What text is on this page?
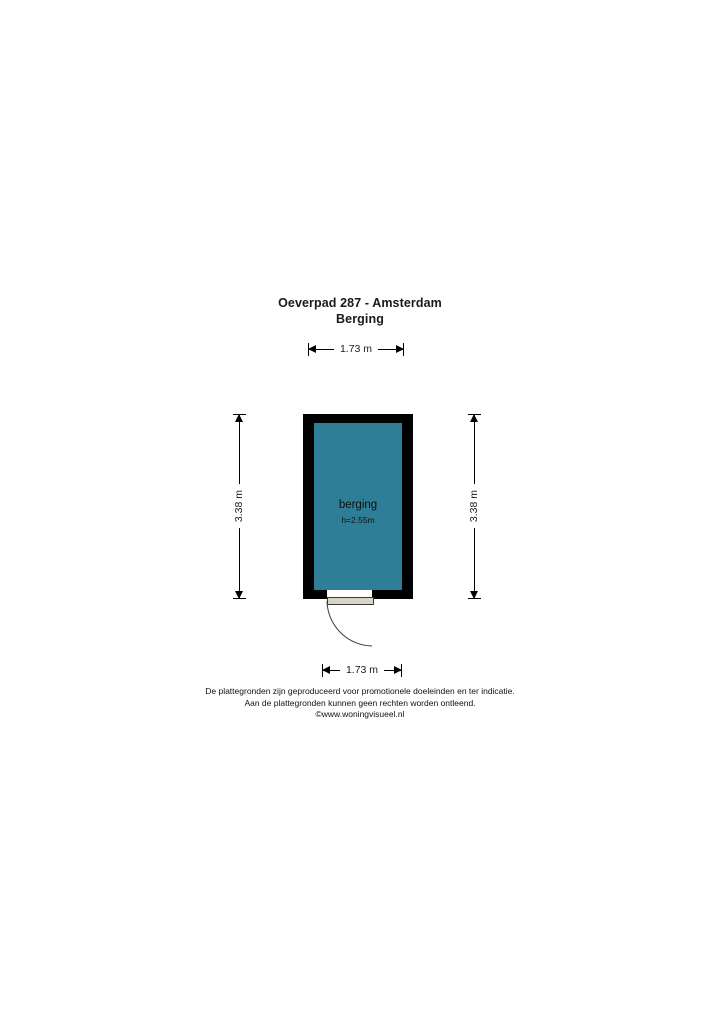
Oeverpad 287 - Amsterdam
Berging
1.73 m
3.38 m	3.38 m
berging
h=2.55m
1.73 m
De plattegronden zijn geproduceerd voor promotionele doeleinden en ter indicatie.
Aan de plattegronden kunnen geen rechten worden ontleend.
©www.woningvisueel.nl
